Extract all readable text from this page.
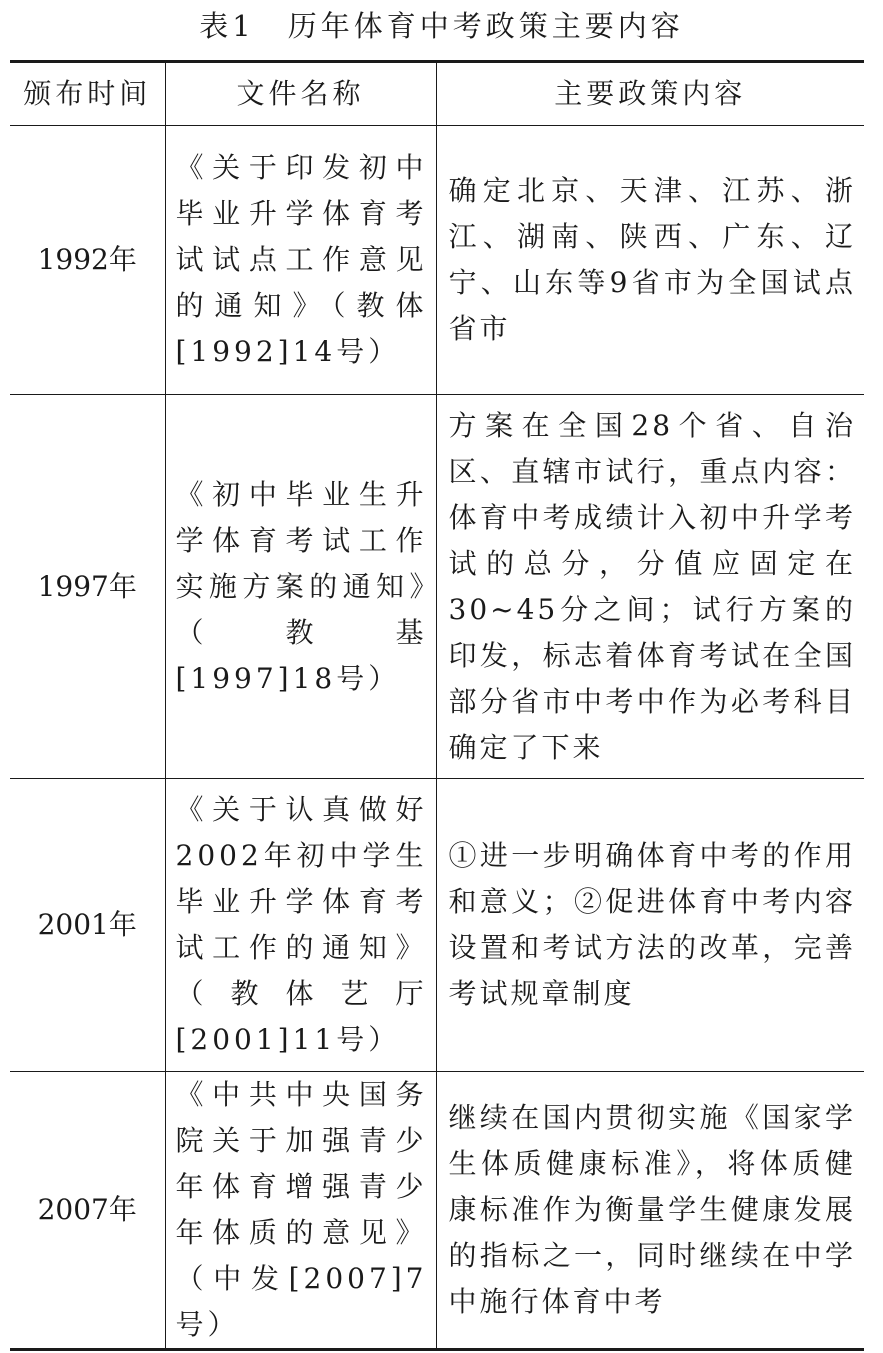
表1　历年体育中考政策主要内容
颁布时间	文件名称	主要政策内容
1992年	《关于印发初中毕业升学体育考试试点工作意见的通知》（教体[1992]14号）	确定北京、天津、江苏、浙江、湖南、陕西、广东、辽宁、山东等9省市为全国试点省市
1997年	《初中毕业生升学体育考试工作实施方案的通知》（教基[1997]18号）	方案在全国28个省、自治区、直辖市试行，重点内容：体育中考成绩计入初中升学考试的总分，分值应固定在30~45分之间；试行方案的印发，标志着体育考试在全国部分省市中考中作为必考科目确定了下来
2001年	《关于认真做好2002年初中学生毕业升学体育考试工作的通知》（教体艺厅[2001]11号）	①进一步明确体育中考的作用和意义；②促进体育中考内容设置和考试方法的改革，完善考试规章制度
2007年	《中共中央国务院关于加强青少年体育增强青少年体质的意见》（中发[2007]7号）	继续在国内贯彻实施《国家学生体质健康标准》，将体质健康标准作为衡量学生健康发展的指标之一，同时继续在中学中施行体育中考
